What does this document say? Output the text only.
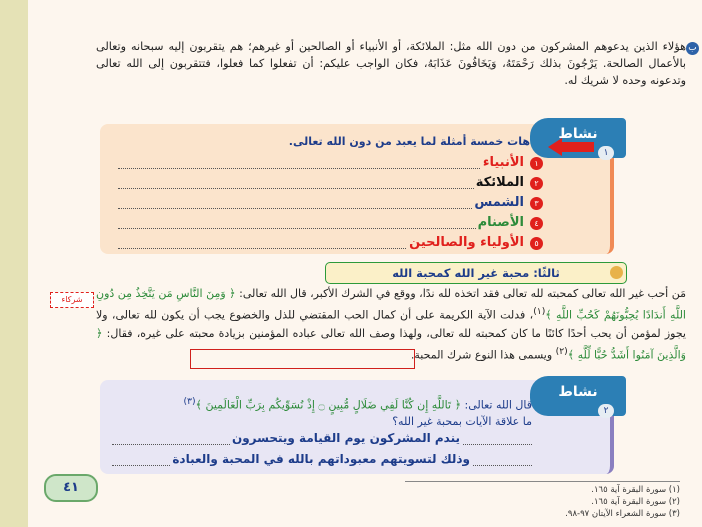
ب
هؤلاء الذين يدعوهم المشركون من دون الله مثل: الملائكة، أو الأنبياء أو الصالحين أو غيرهم؛ هم يتقربون إليه سبحانه وتعالى بالأعمال الصالحة. يَرْجُونَ بذلك رَحْمَتَهُ، وَيَخَافُونَ عَذَابَهُ، فكان الواجب عليكم: أن تفعلوا كما فعلوا، فتتقربون إلى الله تعالى وتدعونه وحده لا شريك له.
نشاط
١
هات خمسة أمثلة لما يعبد من دون الله تعالى.
الأنبياء	١
الملائكة	٢
الشمس	٣
الأصنام	٤
الأولياء والصالحين	٥
ثالثًا: محبة غير الله كمحبة الله
شركاء	مَن أحب غير الله تعالى كمحبته لله تعالى فقد اتخذه لله ندًا، ووقع في الشرك الأكبر، قال الله تعالى: ﴿ وَمِنَ النَّاسِ مَن يَتَّخِذُ مِن دُونِ اللَّهِ أَندَادًا يُحِبُّونَهُمْ كَحُبِّ اللَّهِ ﴾$^{(١)}$، فدلت الآية الكريمة على أن كمال الحب المقتضي للذل والخضوع يجب أن يكون لله تعالى، ولا يجوز لمؤمن أن يحب أحدًا كائنًا ما كان كمحبته لله تعالى، ولهذا وصف الله تعالى عباده المؤمنين بزيادة محبته على غيره، فقال: ﴿ وَالَّذِينَ آمَنُوا أَشَدُّ حُبًّا لِّلَّهِ ﴾$^{(٢)}$ ويسمى هذا النوع شرك المحبة.
نشاط
٢
قال الله تعالى: ﴿ تَاللَّهِ إِن كُنَّا لَفِي ضَلَالٍ مُّبِينٍ ۝ إِذْ نُسَوِّيكُم بِرَبِّ الْعَالَمِينَ ﴾$^{(٣)}$
ما علاقة الآيات بمحبة غير الله؟
يندم المشركون يوم القيامة ويتحسرون
وذلك لتسويتهم معبوداتهم بالله في المحبة والعبادة
٤١	(١) سورة البقرة آية ١٦٥.
(٢) سورة البقرة آية ١٦٥.
(٣) سورة الشعراء الآيتان ٩٧-٩٨.
